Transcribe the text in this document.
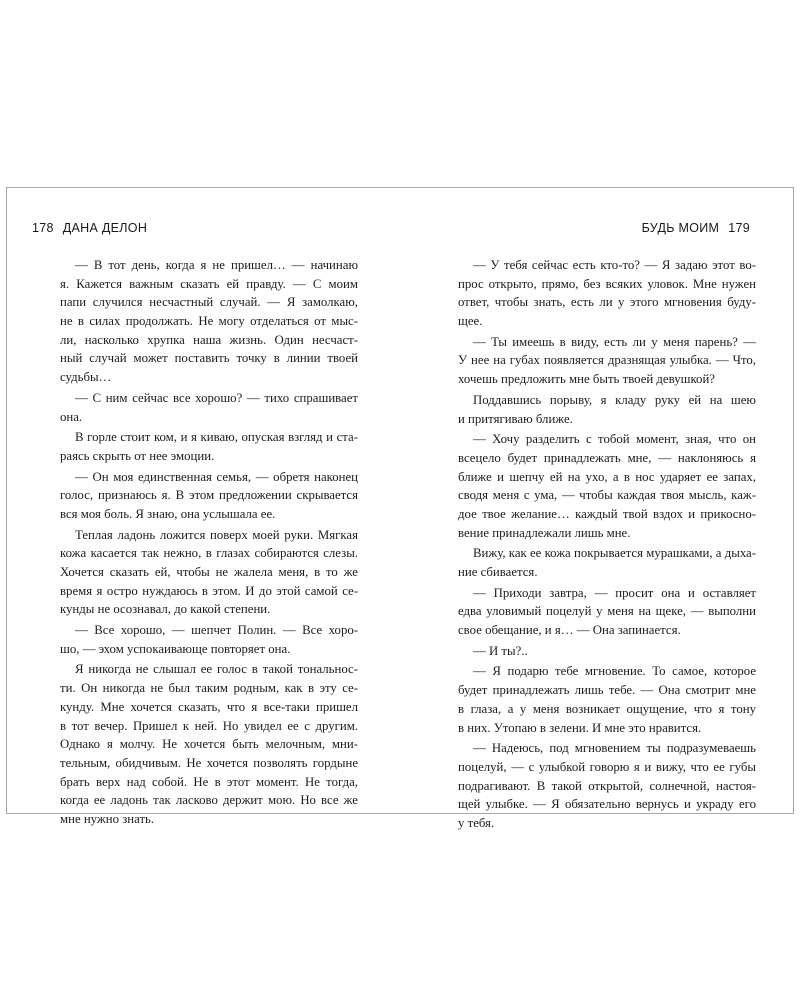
178 ДАНА ДЕЛОН
— В тот день, когда я не пришел… — начинаю
я. Кажется важным сказать ей правду. — С моим
папи случился несчастный случай. — Я замолкаю,
не в силах продолжать. Не могу отделаться от мыс-
ли, насколько хрупка наша жизнь. Один несчаст-
ный случай может поставить точку в линии твоей
судьбы…
— С ним сейчас все хорошо? — тихо спрашивает
она.
В горле стоит ком, и я киваю, опуская взгляд и ста-
раясь скрыть от нее эмоции.
— Он моя единственная семья, — обретя наконец
голос, признаюсь я. В этом предложении скрывается
вся моя боль. Я знаю, она услышала ее.
Теплая ладонь ложится поверх моей руки. Мягкая
кожа касается так нежно, в глазах собираются слезы.
Хочется сказать ей, чтобы не жалела меня, в то же
время я остро нуждаюсь в этом. И до этой самой се-
кунды не осознавал, до какой степени.
— Все хорошо, — шепчет Полин. — Все хоро-
шо, — эхом успокаивающе повторяет она.
Я никогда не слышал ее голос в такой тональнос-
ти. Он никогда не был таким родным, как в эту се-
кунду. Мне хочется сказать, что я все-таки пришел
в тот вечер. Пришел к ней. Но увидел ее с другим.
Однако я молчу. Не хочется быть мелочным, мни-
тельным, обидчивым. Не хочется позволять гордыне
брать верх над собой. Не в этот момент. Не тогда,
когда ее ладонь так ласково держит мою. Но все же
мне нужно знать.
БУДЬ МОИМ 179
— У тебя сейчас есть кто-то? — Я задаю этот во-
прос открыто, прямо, без всяких уловок. Мне нужен
ответ, чтобы знать, есть ли у этого мгновения буду-
щее.
— Ты имеешь в виду, есть ли у меня парень? —
У нее на губах появляется дразнящая улыбка. — Что,
хочешь предложить мне быть твоей девушкой?
Поддавшись порыву, я кладу руку ей на шею
и притягиваю ближе.
— Хочу разделить с тобой момент, зная, что он
всецело будет принадлежать мне, — наклоняюсь я
ближе и шепчу ей на ухо, а в нос ударяет ее запах,
сводя меня с ума, — чтобы каждая твоя мысль, каж-
дое твое желание… каждый твой вздох и прикосно-
вение принадлежали лишь мне.
Вижу, как ее кожа покрывается мурашками, а дыха-
ние сбивается.
— Приходи завтра, — просит она и оставляет
едва уловимый поцелуй у меня на щеке, — выполни
свое обещание, и я… — Она запинается.
— И ты?..
— Я подарю тебе мгновение. То самое, которое
будет принадлежать лишь тебе. — Она смотрит мне
в глаза, а у меня возникает ощущение, что я тону
в них. Утопаю в зелени. И мне это нравится.
— Надеюсь, под мгновением ты подразумеваешь
поцелуй, — с улыбкой говорю я и вижу, что ее губы
подрагивают. В такой открытой, солнечной, настоя-
щей улыбке. — Я обязательно вернусь и украду его
у тебя.
